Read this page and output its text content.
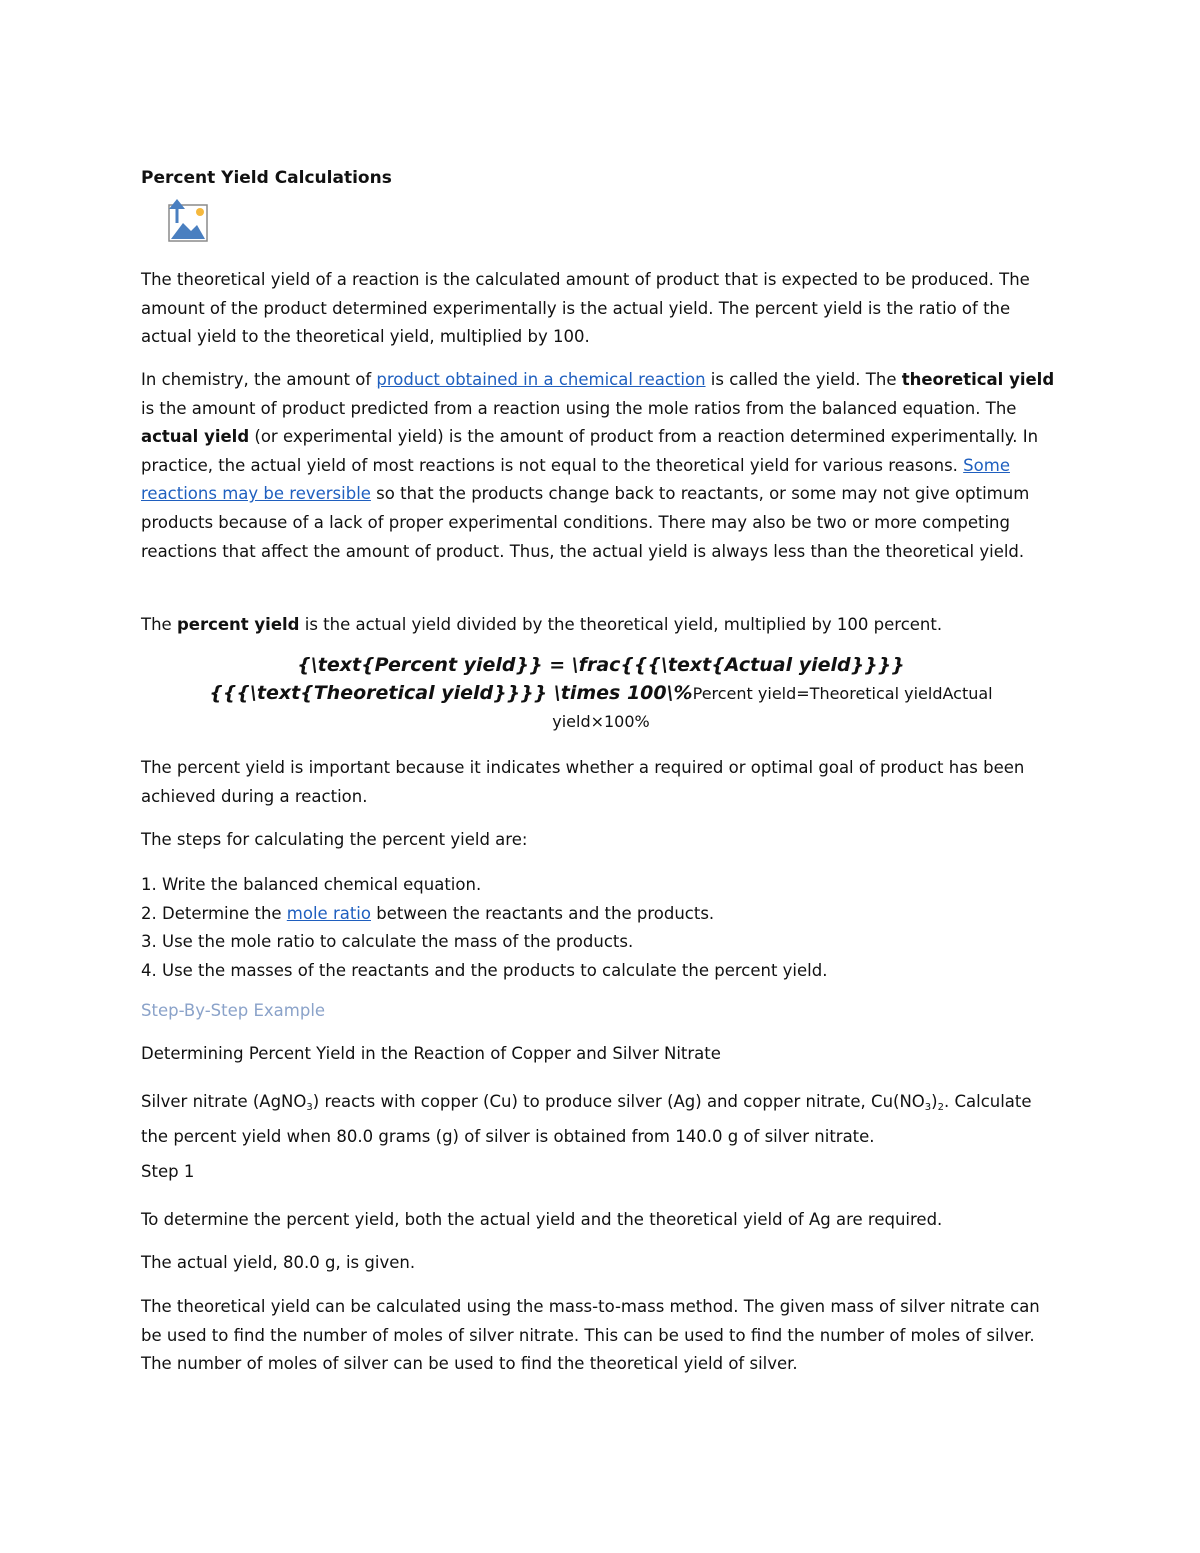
Percent Yield Calculations
The theoretical yield of a reaction is the calculated amount of product that is expected to be produced. The amount of the product determined experimentally is the actual yield. The percent yield is the ratio of the actual yield to the theoretical yield, multiplied by 100.
In chemistry, the amount of product obtained in a chemical reaction is called the yield. The theoretical yield is the amount of product predicted from a reaction using the mole ratios from the balanced equation. The actual yield (or experimental yield) is the amount of product from a reaction determined experimentally. In practice, the actual yield of most reactions is not equal to the theoretical yield for various reasons. Some reactions may be reversible so that the products change back to reactants, or some may not give optimum products because of a lack of proper experimental conditions. There may also be two or more competing reactions that affect the amount of product. Thus, the actual yield is always less than the theoretical yield.
The percent yield is the actual yield divided by the theoretical yield, multiplied by 100 percent.
{\text{Percent yield}} = \frac{{{\text{Actual yield}}}}
{{{\text{Theoretical yield}}}} \times 100\%Percent yield=Theoretical yieldActual
yield×100%
The percent yield is important because it indicates whether a required or optimal goal of product has been achieved during a reaction.
The steps for calculating the percent yield are:
1. Write the balanced chemical equation.
2. Determine the mole ratio between the reactants and the products.
3. Use the mole ratio to calculate the mass of the products.
4. Use the masses of the reactants and the products to calculate the percent yield.
Step-By-Step Example
Determining Percent Yield in the Reaction of Copper and Silver Nitrate
Silver nitrate (AgNO$_3$) reacts with copper (Cu) to produce silver (Ag) and copper nitrate, $Cu(NO_3)_2$. Calculate the percent yield when 80.0 grams (g) of silver is obtained from 140.0 g of silver nitrate.
Step 1
To determine the percent yield, both the actual yield and the theoretical yield of Ag are required.
The actual yield, 80.0 g, is given.
The theoretical yield can be calculated using the mass-to-mass method. The given mass of silver nitrate can be used to find the number of moles of silver nitrate. This can be used to find the number of moles of silver. The number of moles of silver can be used to find the theoretical yield of silver.
